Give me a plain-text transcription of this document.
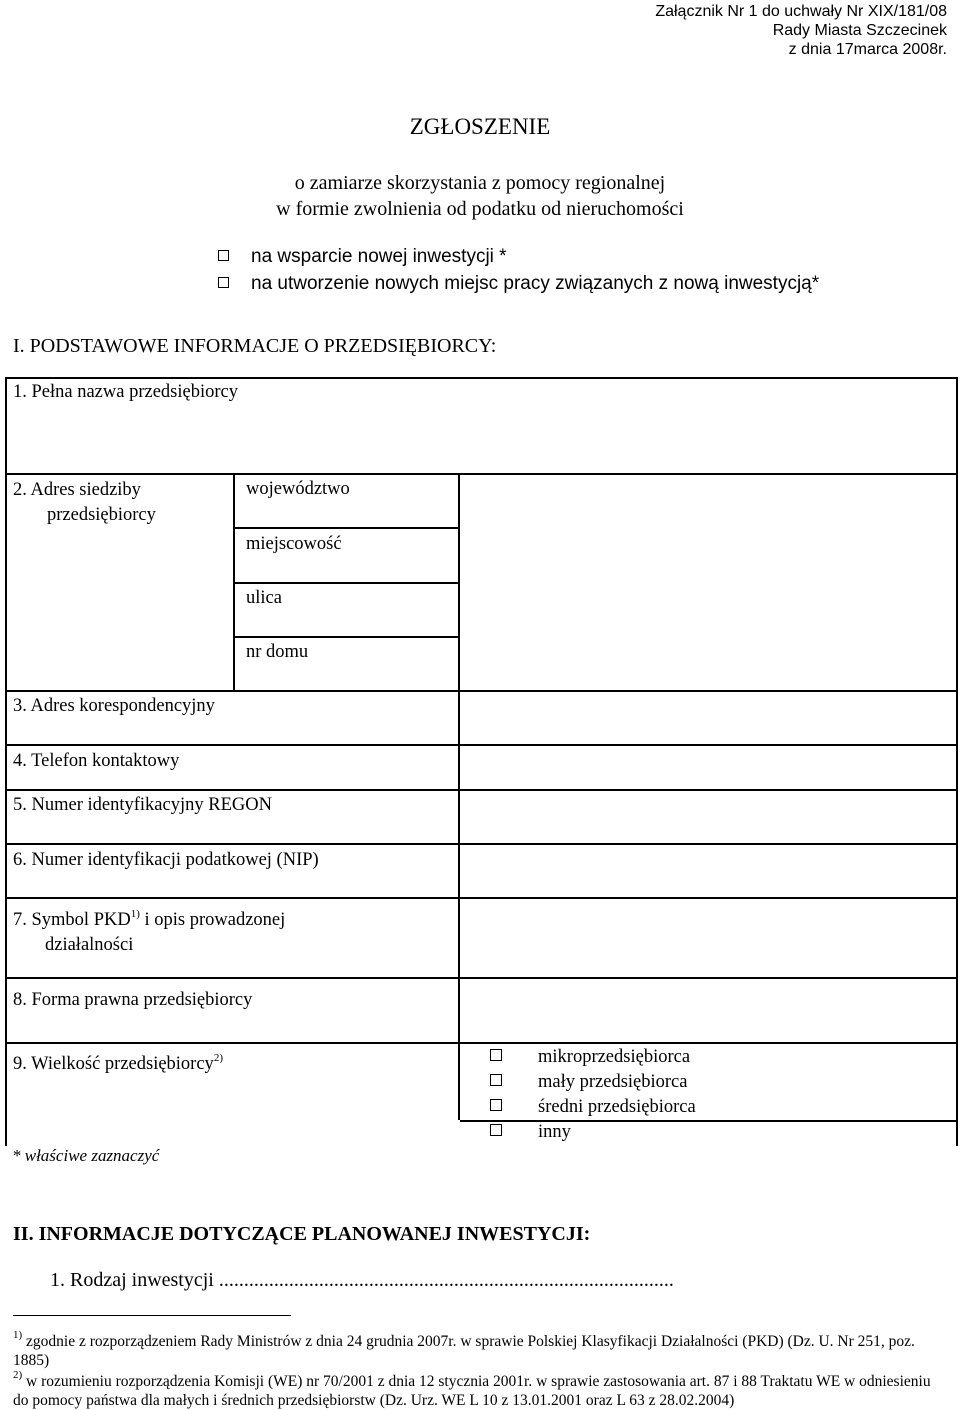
Załącznik Nr 1 do uchwały Nr XIX/181/08
Rady Miasta Szczecinek
z dnia 17marca 2008r.
ZGŁOSZENIE
o zamiarze skorzystania z pomocy regionalnej
w formie zwolnienia od podatku od nieruchomości
na wsparcie nowej inwestycji *
na utworzenie nowych miejsc pracy związanych z nową inwestycją*
I. PODSTAWOWE INFORMACJE O PRZEDSIĘBIORCY:
1. Pełna nazwa przedsiębiorcy
2. Adres siedziby
przedsiębiorcy
województwo
miejscowość
ulica
nr domu
3. Adres korespondencyjny
4. Telefon kontaktowy
5. Numer identyfikacyjny REGON
6. Numer identyfikacji podatkowej (NIP)
7. Symbol PKD$^{1)}$ i opis prowadzonej
działalności
8. Forma prawna przedsiębiorcy
9. Wielkość przedsiębiorcy$^{2)}$
* właściwe zaznaczyć
mikroprzedsiębiorca
mały przedsiębiorca
średni przedsiębiorca
inny
II. INFORMACJE DOTYCZĄCE PLANOWANEJ INWESTYCJI:
1. Rodzaj inwestycji ...........................................................................................
$^{1)}$ zgodnie z rozporządzeniem Rady Ministrów z dnia 24 grudnia 2007r. w sprawie Polskiej Klasyfikacji Działalności (PKD) (Dz. U. Nr 251, poz. 1885)
$^{2)}$ w rozumieniu rozporządzenia Komisji (WE) nr 70/2001 z dnia 12 stycznia 2001r. w sprawie zastosowania art. 87 i 88 Traktatu WE w odniesieniu do pomocy państwa dla małych i średnich przedsiębiorstw (Dz. Urz. WE L 10 z 13.01.2001 oraz L 63 z 28.02.2004)
